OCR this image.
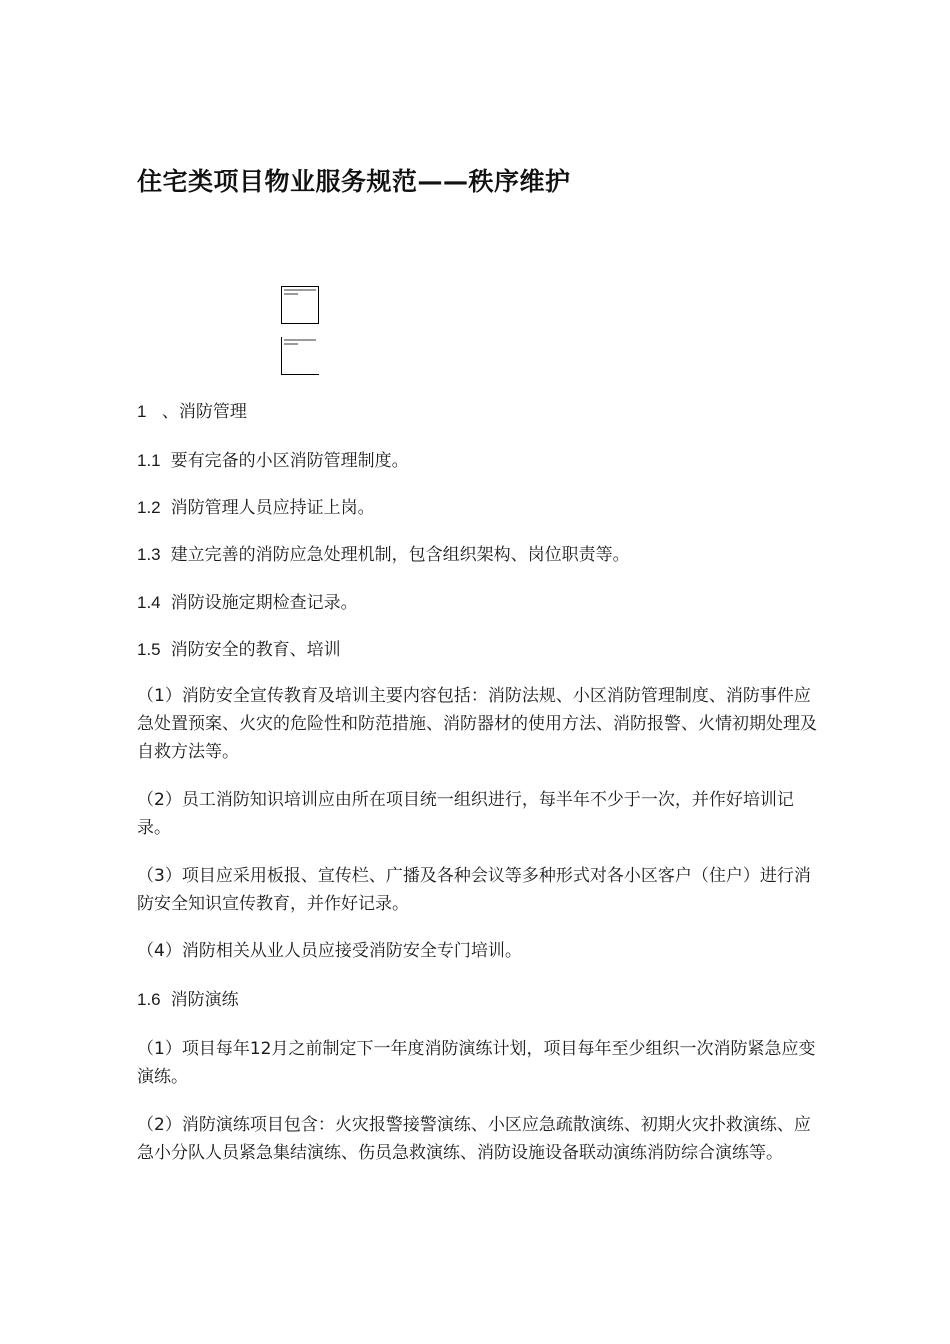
住宅类项目物业服务规范——秩序维护

1 、消防管理

1.1 要有完备的小区消防管理制度。

1.2 消防管理人员应持证上岗。

1.3 建立完善的消防应急处理机制，包含组织架构、岗位职责等。

1.4 消防设施定期检查记录。

1.5 消防安全的教育、培训

（1）消防安全宣传教育及培训主要内容包括：消防法规、小区消防管理制度、消防事件应急处置预案、火灾的危险性和防范措施、消防器材的使用方法、消防报警、火情初期处理及自救方法等。

（2）员工消防知识培训应由所在项目统一组织进行，每半年不少于一次，并作好培训记录。

（3）项目应采用板报、宣传栏、广播及各种会议等多种形式对各小区客户（住户）进行消防安全知识宣传教育，并作好记录。

（4）消防相关从业人员应接受消防安全专门培训。

1.6 消防演练

（1）项目每年12月之前制定下一年度消防演练计划，项目每年至少组织一次消防紧急应变演练。

（2）消防演练项目包含：火灾报警接警演练、小区应急疏散演练、初期火灾扑救演练、应急小分队人员紧急集结演练、伤员急救演练、消防设施设备联动演练消防综合演练等。
